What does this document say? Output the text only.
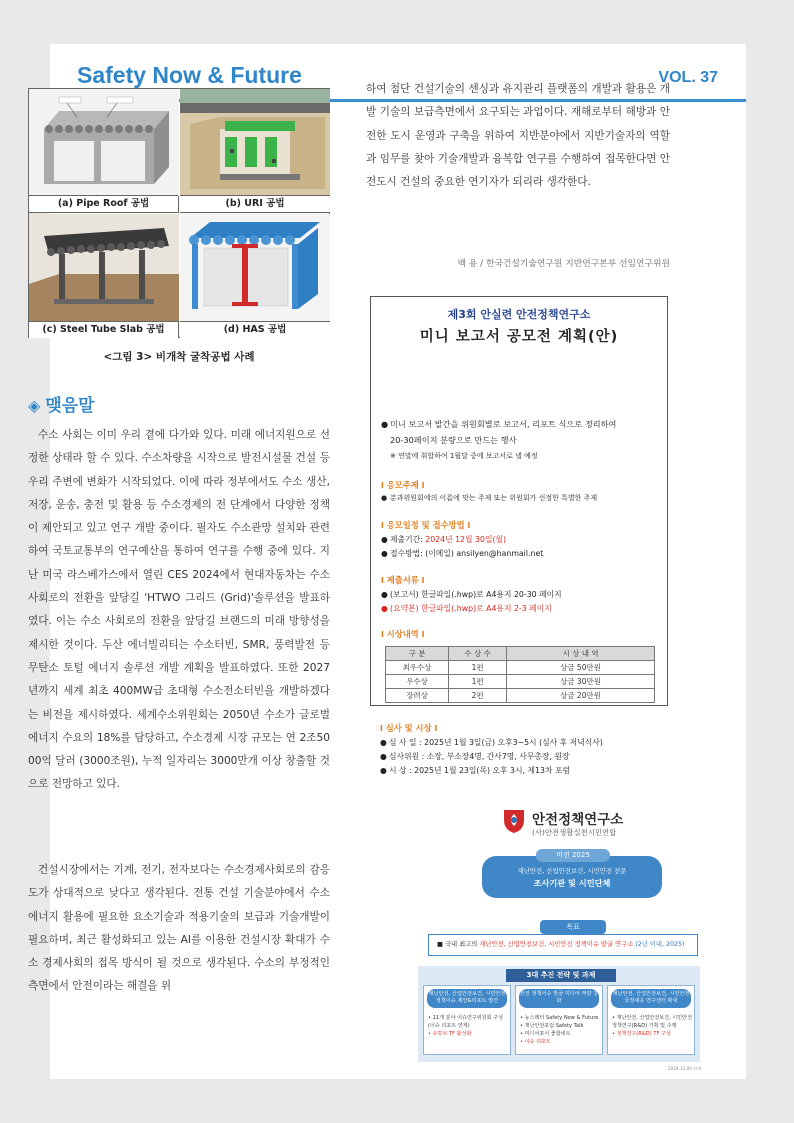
Safety Now & Future	VOL. 37
(a) Pipe Roof 공법	(b) URI 공법
(c) Steel Tube Slab 공법	(d) HAS 공법
<그림 3> 비개착 굴착공법 사례
◈ 맺음말
수소 사회는 이미 우리 곁에 다가와 있다. 미래 에너지원으로 선정한 상태라 할 수 있다. 수소차량을 시작으로 발전시설물 건설 등 우리 주변에 변화가 시작되었다. 이에 따라 정부에서도 수소 생산, 저장, 운송, 충전 및 활용 등 수소경제의 전 단계에서 다양한 정책이 제안되고 있고 연구 개발 중이다. 필자도 수소관망 설치와 관련하여 국토교통부의 연구예산을 통하여 연구를 수행 중에 있다. 지난 미국 라스베가스에서 열린 CES 2024에서 현대자동차는 수소 사회로의 전환을 앞당길 'HTWO 그리드 (Grid)'솔루션을 발표하였다. 이는 수소 사회로의 전환을 앞당길 브랜드의 미래 방향성을 제시한 것이다. 두산 에너빌리티는 수소터빈, SMR, 풍력발전 등 무탄소 토털 에너지 솔루션 개발 계획을 발표하였다. 또한 2027년까지 세계 최초 400MW급 초대형 수소전소터빈을 개발하겠다는 비전을 제시하였다. 세계수소위원회는 2050년 수소가 글로벌 에너지 수요의 18%를 담당하고, 수소경제 시장 규모는 연 2조5000억 달러 (3000조원), 누적 일자리는 3000만개 이상 창출할 것으로 전망하고 있다.
건설시장에서는 기계, 전기, 전자보다는 수소경제사회로의 감응도가 상대적으로 낮다고 생각된다. 전통 건설 기술분야에서 수소에너지 활용에 필요한 요소기술과 적용기술의 보급과 기술개발이 필요하며, 최근 활성화되고 있는 AI를 이용한 건설시장 확대가 수소 경제사회의 접목 방식이 될 것으로 생각된다. 수소의 부정적인 측면에서 안전이라는 해결을 위
하여 첨단 건설기술의 센싱과 유지관리 플랫폼의 개발과 활용은 개발 기술의 보급측면에서 요구되는 과업이다. 재해로부터 해방과 안전한 도시 운영과 구축을 위하여 지반분야에서 지반기술자의 역할과 임무를 찾아 기술개발과 융복합 연구를 수행하여 접목한다면 안전도시 건설의 중요한 연기자가 되리라 생각한다.
백 용 / 한국건설기술연구원 지반연구본부 선임연구위원
제3회 안실련 안전정책연구소
미니 보고서 공모전 계획(안)
● 미니 보고서 발간을 위원회별로 보고서, 리포트 식으로 정리하여
20-30페이지 분량으로 만드는 행사
※ 연말에 취합하여 1월달 중에 보고서로 낼 예정
l 응모주제 l
● 분과위원회에의 이름에 맞는 주제 또는 위원회가 선정한 특별한 주제
l 응모일정 및 접수방법 l
● 제출기간: 2024년 12월 30일(월)
● 접수방법: (이메일) ansilyen@hanmail.net
l 제출서류 l
● (보고서) 한글파일(.hwp)로 A4용지 20-30 페이지
● (요약본) 한글파일(.hwp)로 A4용지 2-3 페이지
l 시상내역 l
구 분	수 상 수	시 상 내 역
최우수상	1편	상금 50만원
우수상	1편	상금 30만원
장려상	2편	상금 20만원
l 심사 및 시상 l
● 심 사 일 : 2025년 1월 3일(금) 오후3~5시 (심사 후 저녁식사)
● 심사위원 : 소장, 부소장4명, 간사7명, 사무총장, 원장
● 시 상 : 2025년 1월 23일(목) 오후 3시, 제13차 포럼
안전정책연구소
(사)안전생활실천시민연합
비전 2025
재난안전, 산업안전보건, 시민안전 전문
조사기관 및 시민단체
목표
■ 국내 최고의 재난안전, 산업안전보건, 시민안전 정책이슈 발굴 연구소 (2년 이내, 2025)
3대 추진 전략 및 과제
재난안전, 산업안전보건, 시민안전 정책이슈 제안&리포트 발간
• 11개 분야 이슈연구위원회 구성
(이슈 리포트 연계)
• 유튜브 TF 활성화
안전 정책이슈 발굴 미디어 역량 강화
• 뉴스레터 Safety Now & Future
• 재난안전포럼 Safety Talk
• 미디어포서 좋합네트
• 이슈 리포트
재난안전, 산업안전보건, 시민안전 국정대응 연구센터 확대
• 재난안전, 산업안전보건, 시민안전
정책연구(R&D) 기획 및 수행
• 정책연구(R&D) TF 구성
2024.12.00 안내
